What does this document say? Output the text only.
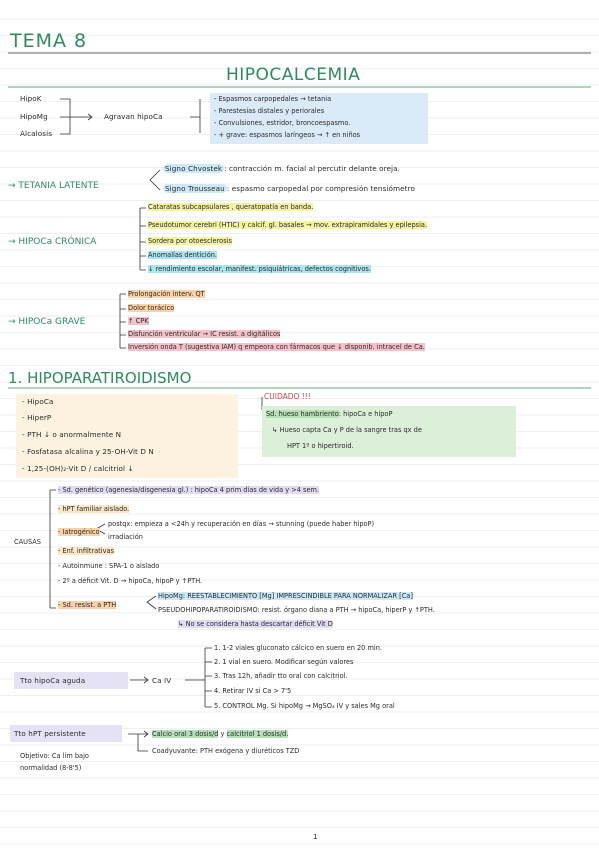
TEMA 8
HIPOCALCEMIA
HipoK
HipoMg
Alcalosis
Agravan hipoCa
- Espasmos carpopedales → tetania
- Parestesias distales y periorales
- Convulsiones, estridor, broncoespasmo.
- + grave: espasmos laríngeos → ↑ en niños
→ TETANIA LATENTE
Signo Chvostek : contracción m. facial al percutir delante oreja.
Signo Trousseau : espasmo carpopedal por compresión tensiómetro
→ HIPOCa CRÓNICA
Cataratas subcapsulares , queratopatía en banda.
Pseudotumor cerebri (HTIC) y calcif. gl. basales → mov. extrapiramidales y epilepsia.
Sordera por otoesclerosis
Anomalías dentición.
↓ rendimiento escolar, manifest. psiquiátricas, defectos cognitivos.
→ HIPOCa GRAVE
Prolongación interv. QT
Dolor torácico
↑ CPK
Disfunción ventricular → IC resist. a digitálicos
Inversión onda T (sugestiva IAM) q empeora con fármacos que ↓ disponib. intracel de Ca.
1. HIPOPARATIROIDISMO
- HipoCa
- HiperP
- PTH ↓ o anormalmente N
- Fosfatasa alcalina y 25-OH-Vit D N
- 1,25-(OH)₂-Vit D / calcitriol ↓
CUIDADO !!!
Sd. hueso hambriento: hipoCa e hipoP
↳ Hueso capta Ca y P de la sangre tras qx de
HPT 1º o hipertiroid.
CAUSAS
- Sd. genético (agenesia/disgenesia gl.) : hipoCa 4 prim días de vida y >4 sem.
- hPT familiar aislado.
- Iatrogénico
postqx: empieza a <24h y recuperación en días → stunning (puede haber hipoP)
irradiación
- Enf. infiltrativas
- Autoinmune : SPA-1 o aislado
- 2º a déficit Vit. D → hipoCa, hipoP y ↑PTH.
- Sd. resist. a PTH
HipoMg: REESTABLECIMIENTO [Mg] IMPRESCINDIBLE PARA NORMALIZAR [Ca]
PSEUDOHIPOPARATIROIDISMO: resist. órgano diana a PTH → hipoCa, hiperP y ↑PTH.
↳ No se considera hasta descartar déficit Vit D
Tto hipoCa aguda	Ca IV
1. 1-2 viales gluconato cálcico en suero en 20 min.
2. 1 vial en suero. Modificar según valores
3. Tras 12h, añadir tto oral con calcitriol.
4. Retirar IV si Ca > 7'5
5. CONTROL Mg. Si hipoMg → MgSO₄ IV y sales Mg oral
Tto hPT persistente	Calcio oral 3 dosis/d y calcitriol 1 dosis/d.
Coadyuvante: PTH exógena y diuréticos TZD
Objetivo: Ca lím bajo normalidad (8-8'5)
1
